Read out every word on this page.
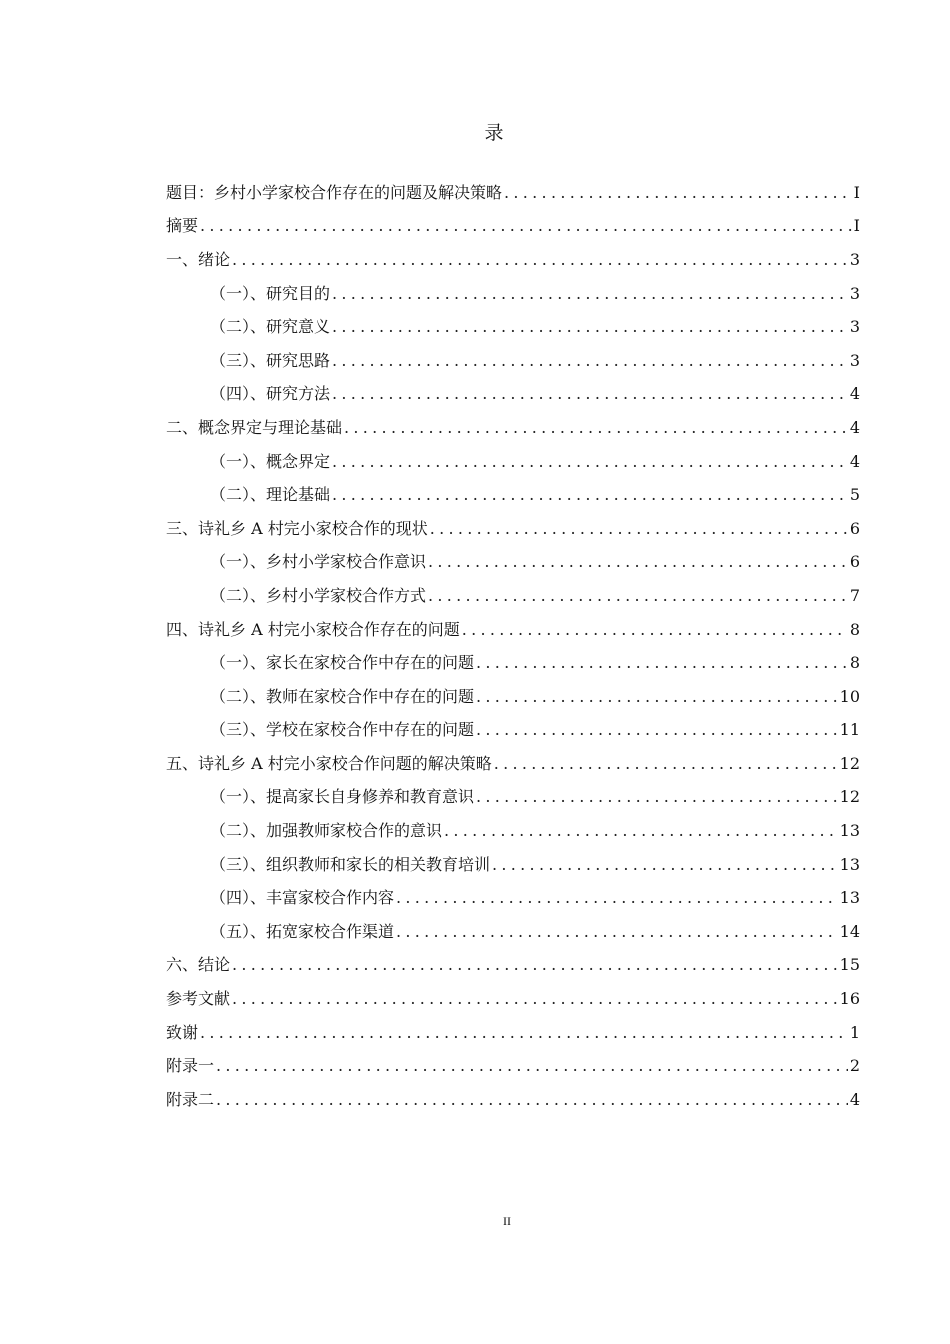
录
题目：乡村小学家校合作存在的问题及解决策略 .....	I
摘要 .....	I
一、绪论 .....	3
（一）、研究目的 .....	3
（二）、研究意义 .....	3
（三）、研究思路 .....	3
（四）、研究方法 .....	4
二、概念界定与理论基础 .....	4
（一）、概念界定 .....	4
（二）、理论基础 .....	5
三、诗礼乡 A 村完小家校合作的现状 .....	6
（一）、乡村小学家校合作意识 .....	6
（二）、乡村小学家校合作方式 .....	7
四、诗礼乡 A 村完小家校合作存在的问题 .....	8
（一）、家长在家校合作中存在的问题 .....	8
（二）、教师在家校合作中存在的问题 .....	10
（三）、学校在家校合作中存在的问题 .....	11
五、诗礼乡 A 村完小家校合作问题的解决策略 .....	12
（一）、提高家长自身修养和教育意识 .....	12
（二）、加强教师家校合作的意识 .....	13
（三）、组织教师和家长的相关教育培训 .....	13
（四）、丰富家校合作内容 .....	13
（五）、拓宽家校合作渠道 .....	14
六、结论 .....	15
参考文献 .....	16
致谢 .....	1
附录一 .....	2
附录二 .....	4
II
